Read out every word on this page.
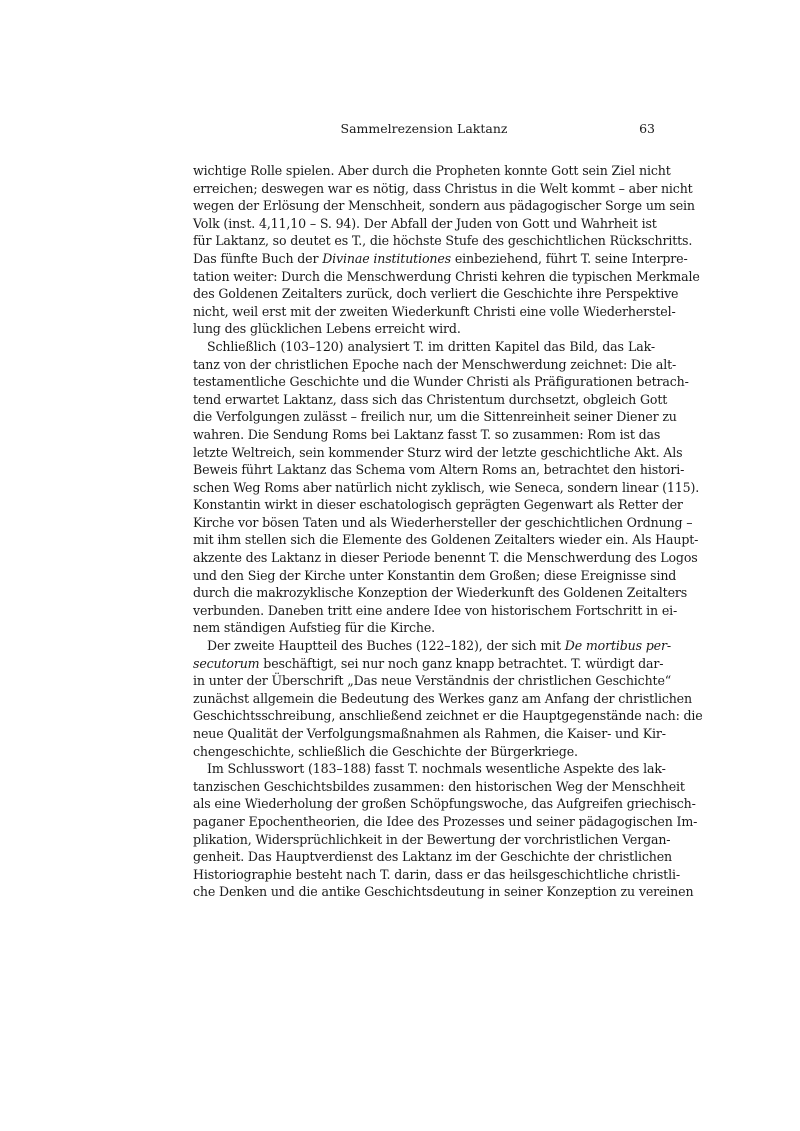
Sammelrezension Laktanz	63
wichtige Rolle spielen. Aber durch die Propheten konnte Gott sein Ziel nicht
erreichen; deswegen war es nötig, dass Christus in die Welt kommt – aber nicht
wegen der Erlösung der Menschheit, sondern aus pädagogischer Sorge um sein
Volk (inst. 4,11,10 – S. 94). Der Abfall der Juden von Gott und Wahrheit ist
für Laktanz, so deutet es T., die höchste Stufe des geschichtlichen Rückschritts.
Das fünfte Buch der Divinae institutiones einbeziehend, führt T. seine Interpre-
tation weiter: Durch die Menschwerdung Christi kehren die typischen Merkmale
des Goldenen Zeitalters zurück, doch verliert die Geschichte ihre Perspektive
nicht, weil erst mit der zweiten Wiederkunft Christi eine volle Wiederherstel-
lung des glücklichen Lebens erreicht wird.
Schließlich (103–120) analysiert T. im dritten Kapitel das Bild, das Lak-
tanz von der christlichen Epoche nach der Menschwerdung zeichnet: Die alt-
testamentliche Geschichte und die Wunder Christi als Präfigurationen betrach-
tend erwartet Laktanz, dass sich das Christentum durchsetzt, obgleich Gott
die Verfolgungen zulässt – freilich nur, um die Sittenreinheit seiner Diener zu
wahren. Die Sendung Roms bei Laktanz fasst T. so zusammen: Rom ist das
letzte Weltreich, sein kommender Sturz wird der letzte geschichtliche Akt. Als
Beweis führt Laktanz das Schema vom Altern Roms an, betrachtet den histori-
schen Weg Roms aber natürlich nicht zyklisch, wie Seneca, sondern linear (115).
Konstantin wirkt in dieser eschatologisch geprägten Gegenwart als Retter der
Kirche vor bösen Taten und als Wiederhersteller der geschichtlichen Ordnung –
mit ihm stellen sich die Elemente des Goldenen Zeitalters wieder ein. Als Haupt-
akzente des Laktanz in dieser Periode benennt T. die Menschwerdung des Logos
und den Sieg der Kirche unter Konstantin dem Großen; diese Ereignisse sind
durch die makrozyklische Konzeption der Wiederkunft des Goldenen Zeitalters
verbunden. Daneben tritt eine andere Idee von historischem Fortschritt in ei-
nem ständigen Aufstieg für die Kirche.
Der zweite Hauptteil des Buches (122–182), der sich mit De mortibus per-
secutorum beschäftigt, sei nur noch ganz knapp betrachtet. T. würdigt dar-
in unter der Überschrift „Das neue Verständnis der christlichen Geschichte“
zunächst allgemein die Bedeutung des Werkes ganz am Anfang der christlichen
Geschichtsschreibung, anschließend zeichnet er die Hauptgegenstände nach: die
neue Qualität der Verfolgungsmaßnahmen als Rahmen, die Kaiser- und Kir-
chengeschichte, schließlich die Geschichte der Bürgerkriege.
Im Schlusswort (183–188) fasst T. nochmals wesentliche Aspekte des lak-
tanzischen Geschichtsbildes zusammen: den historischen Weg der Menschheit
als eine Wiederholung der großen Schöpfungswoche, das Aufgreifen griechisch-
paganer Epochentheorien, die Idee des Prozesses und seiner pädagogischen Im-
plikation, Widersprüchlichkeit in der Bewertung der vorchristlichen Vergan-
genheit. Das Hauptverdienst des Laktanz im der Geschichte der christlichen
Historiographie besteht nach T. darin, dass er das heilsgeschichtliche christli-
che Denken und die antike Geschichtsdeutung in seiner Konzeption zu vereinen
